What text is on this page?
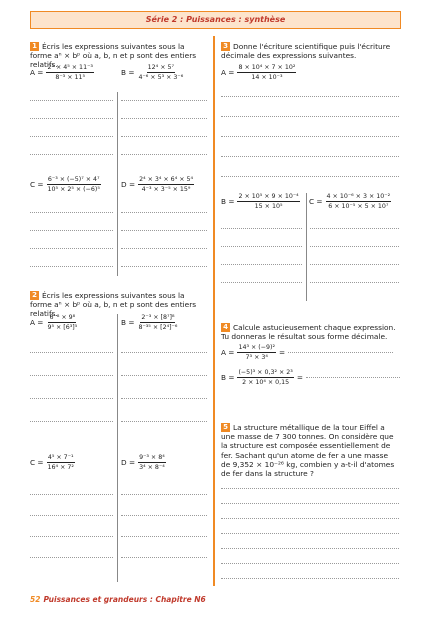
Série 2 : Puissances : synthèse
1 Écris les expressions suivantes sous la forme aⁿ × bᵖ où a, b, n et p sont des entiers relatifs.
$A = \frac{\text{2⁵ × 4⁵ × 11⁻³}}{\text{8⁻³ × 11⁵}}$	$B = \frac{\text{12⁴ × 5⁷}}{\text{4⁻⁶ × 5³ × 3⁻⁶}}$
$C = \frac{\text{6⁻³ × (−5)⁷ × 4⁷}}{\text{10⁵ × 2⁵ × (−6)⁵}}$	$D = \frac{\text{2⁴ × 3⁴ × 6⁴ × 5⁴}}{\text{4⁻³ × 3⁻⁵ × 15⁹}}$
2 Écris les expressions suivantes sous la forme aⁿ × bᵖ où a, b, n et p sont des entiers relatifs.
$A = \frac{\text{6⁻⁸ × 9⁸}}{\text{9⁵ × [6³]⁵}}$	$B = \frac{\text{2⁻³ × [8⁷]⁸}}{\text{8⁻³⁵ × [2⁴]⁻⁶}}$
$C = \frac{\text{4⁵ × 7⁻¹}}{\text{16⁴ × 7²}}$	$D = \frac{\text{9⁻³ × 8⁴}}{\text{3⁴ × 8⁻⁴}}$
3 Donne l'écriture scientifique puis l'écriture décimale des expressions suivantes.
$A = \frac{\text{8 × 10⁴ × 7 × 10²}}{\text{14 × 10⁻³}}$
$B = \frac{\text{2 × 10⁵ × 9 × 10⁻⁴}}{\text{15 × 10⁵}}$ $C = \frac{\text{4 × 10⁻⁶ × 3 × 10⁻²}}{\text{6 × 10⁻⁵ × 5 × 10⁷}}$
4 Calcule astucieusement chaque expression. Tu donneras le résultat sous forme décimale.
$A = \frac{\text{14³ × (−9)²}}{\text{7³ × 3⁴}}$ =
$B = \frac{\text{(−5)³ × 0,3² × 2³}}{\text{2 × 10⁴ × 0,15}}$ =
5 La structure métallique de la tour Eiffel a une masse de 7 300 tonnes. On considère que la structure est composée essentiellement de fer. Sachant qu'un atome de fer a une masse de 9,352 × 10⁻²⁶ kg, combien y a-t-il d'atomes de fer dans la structure ?
52 Puissances et grandeurs : Chapitre N6
